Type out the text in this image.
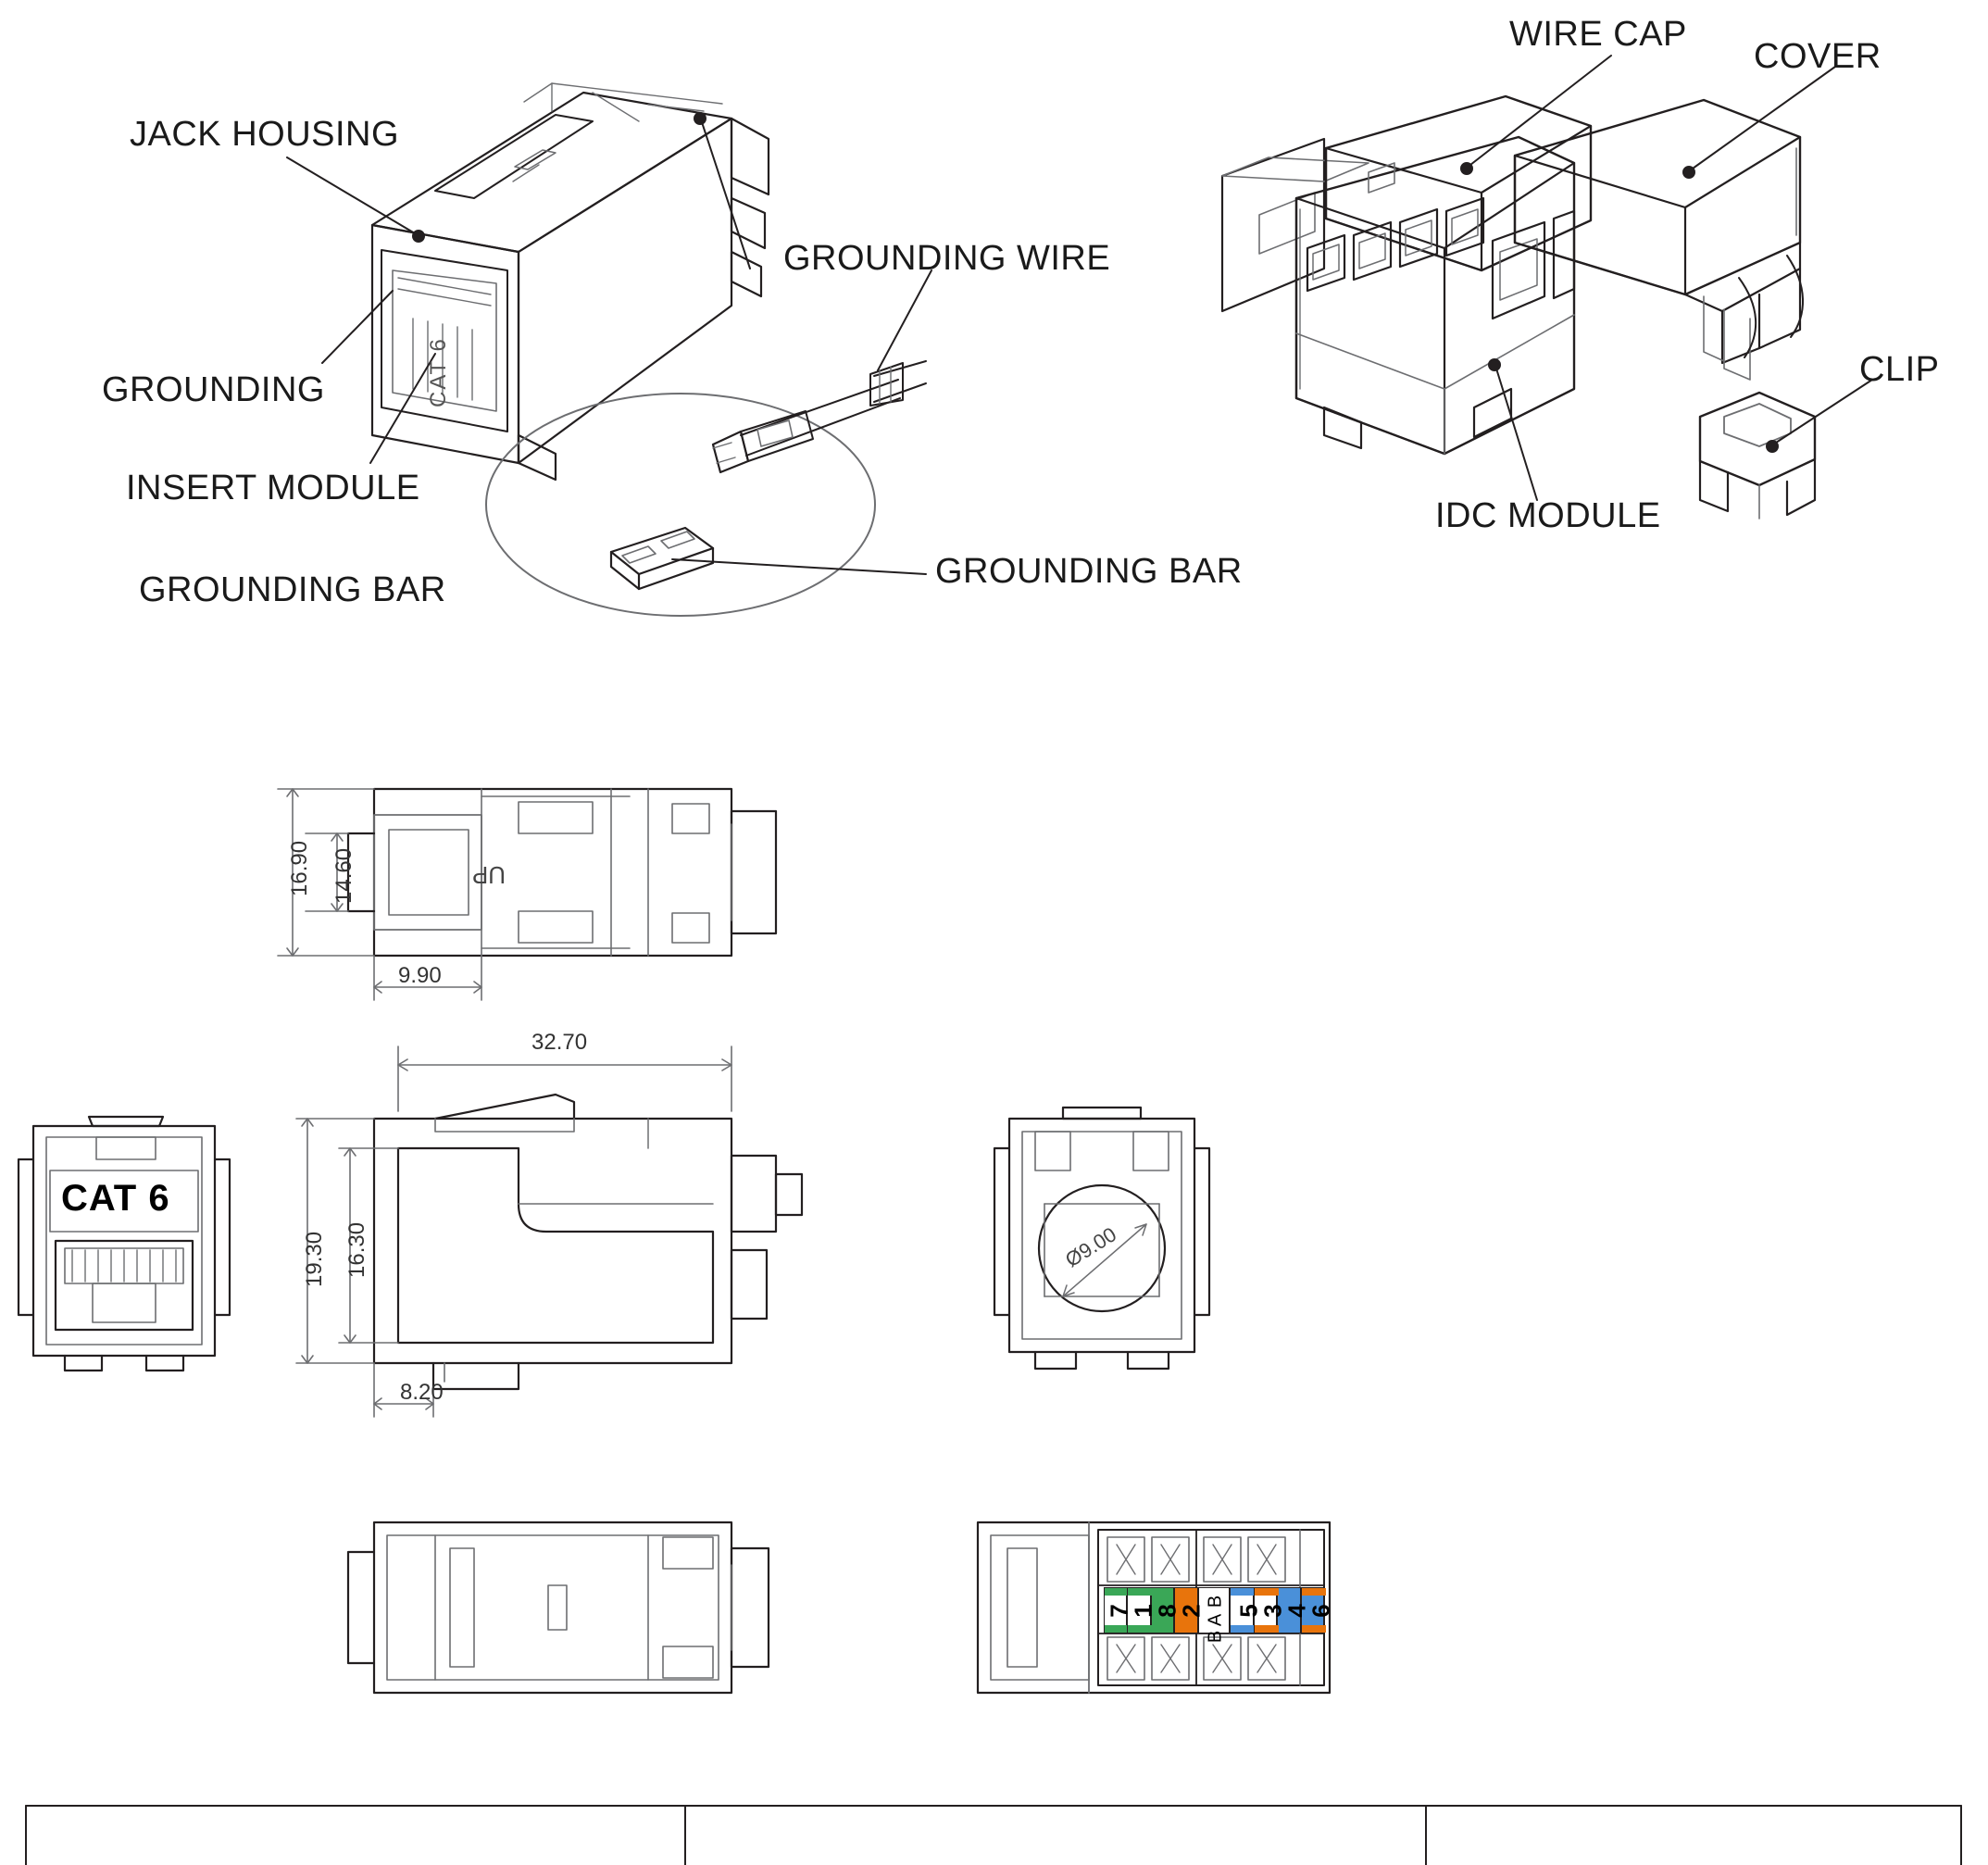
7
1
8
2 5
3
4
6
B
A
B
JACK HOUSING
GROUNDING
INSERT MODULE
GROUNDING BAR
GROUNDING WIRE
GROUNDING BAR
WIRE CAP
COVER
CLIP
IDC MODULE
CAT 6
CAT 6
UP
16.90 14.60
9.90
32.70
19.30 16.30
8.20
Ø9.00
